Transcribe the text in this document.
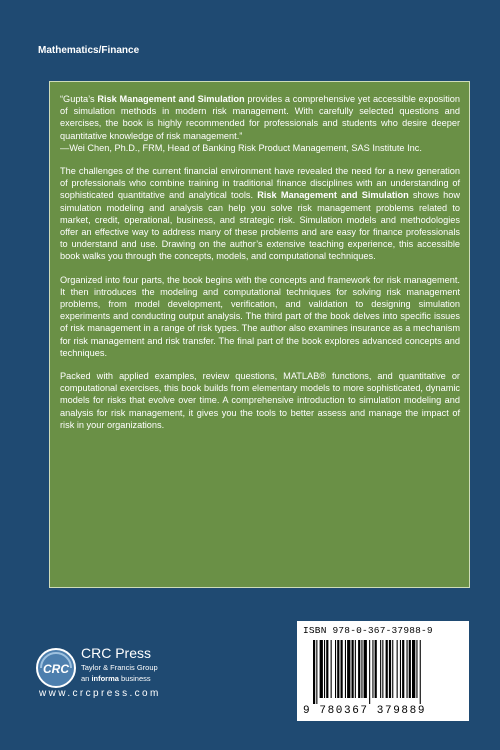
Mathematics/Finance

“Gupta’s Risk Management and Simulation provides a comprehensive yet accessible exposition of simulation methods in modern risk management. With carefully selected questions and exercises, the book is highly recommended for professionals and students who desire deeper quantitative knowledge of risk management.”

—Wei Chen, Ph.D., FRM, Head of Banking Risk Product Management, SAS Institute Inc.

The challenges of the current financial environment have revealed the need for a new generation of professionals who combine training in traditional finance disciplines with an understanding of sophisticated quantitative and analytical tools. Risk Management and Simulation shows how simulation modeling and analysis can help you solve risk management problems related to market, credit, operational, business, and strategic risk. Simulation models and methodologies offer an effective way to address many of these problems and are easy for finance professionals to understand and use. Drawing on the author’s extensive teaching experience, this accessible book walks you through the concepts, models, and computational techniques.

Organized into four parts, the book begins with the concepts and framework for risk management. It then introduces the modeling and computational techniques for solving risk management problems, from model development, verification, and validation to designing simulation experiments and conducting output analysis. The third part of the book delves into specific issues of risk management in a range of risk types. The author also examines insurance as a mechanism for risk management and risk transfer. The final part of the book explores advanced concepts and techniques.

Packed with applied examples, review questions, MATLAB® functions, and quantitative or computational exercises, this book builds from elementary models to more sophisticated, dynamic models for risks that evolve over time. A comprehensive introduction to simulation modeling and analysis for risk management, it gives you the tools to better assess and manage the impact of risk in your organizations.

CRC
CRC Press
Taylor & Francis Group
an informa business
www.crcpress.com
ISBN 978-0-367-37988-9
9 780367 379889
